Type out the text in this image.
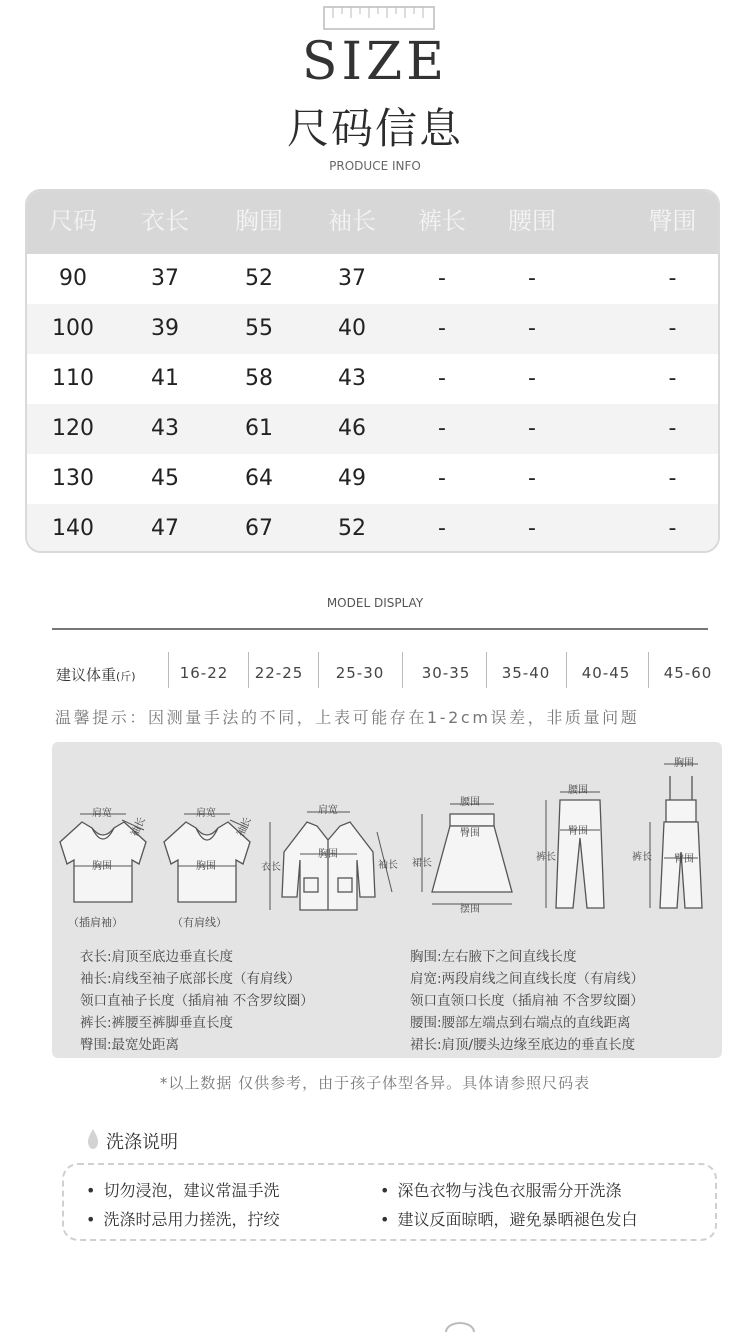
SIZE
尺码信息
PRODUCE INFO
尺码	衣长	胸围	袖长	裤长	腰围	臀围
90	37	52	37	-	-	-
100	39	55	40	-	-	-
110	41	58	43	-	-	-
120	43	61	46	-	-	-
130	45	64	49	-	-	-
140	47	67	52	-	-	-
MODEL DISPLAY
建议体重(斤)	16-22	22-25	25-30	30-35	35-40	40-45	45-60
温馨提示：因测量手法的不同，上表可能存在1-2cm误差，非质量问题
肩宽
胸围
袖长
（插肩袖）
肩宽
胸围
袖长
（有肩线）
肩宽
胸围
衣长	袖长
腰围
臀围
裙长
摆围
腰围
臀围
裤长
胸围
臀围
裤长
衣长:肩顶至底边垂直长度
袖长:肩线至袖子底部长度（有肩线）
领口直袖子长度（插肩袖 不含罗纹圈）
裤长:裤腰至裤脚垂直长度
臀围:最宽处距离
胸围:左右腋下之间直线长度
肩宽:两段肩线之间直线长度（有肩线）
领口直领口长度（插肩袖 不含罗纹圈）
腰围:腰部左端点到右端点的直线距离
裙长:肩顶/腰头边缘至底边的垂直长度
*以上数据 仅供参考，由于孩子体型各异。具体请参照尺码表
洗涤说明
• 切勿浸泡，建议常温手洗	• 深色衣物与浅色衣服需分开洗涤
• 洗涤时忌用力搓洗，拧绞	• 建议反面晾晒，避免暴晒褪色发白
